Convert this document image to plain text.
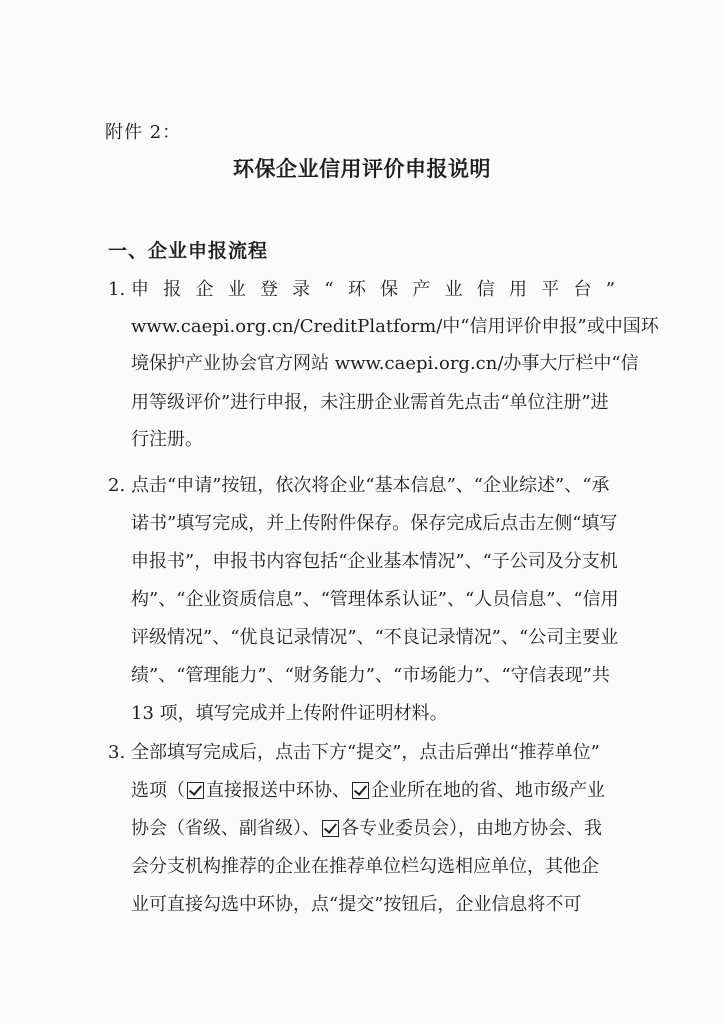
附件 2：
环保企业信用评价申报说明
一、企业申报流程
1. 申 报 企 业 登 录 “ 环 保 产 业 信 用 平 台 ”
www.caepi.org.cn/CreditPlatform/中“信用评价申报”或中国环
境保护产业协会官方网站 www.caepi.org.cn/办事大厅栏中“信
用等级评价”进行申报，未注册企业需首先点击“单位注册”进
行注册。
2. 点击“申请”按钮，依次将企业“基本信息”、“企业综述”、“承
诺书”填写完成，并上传附件保存。保存完成后点击左侧“填写
申报书”，申报书内容包括“企业基本情况”、“子公司及分支机
构”、“企业资质信息”、“管理体系认证”、“人员信息”、“信用
评级情况”、“优良记录情况”、“不良记录情况”、“公司主要业
绩”、“管理能力”、“财务能力”、“市场能力”、“守信表现”共
13 项，填写完成并上传附件证明材料。
3. 全部填写完成后，点击下方“提交”，点击后弹出“推荐单位”
选项（ 直接报送中环协、 企业所在地的省、地市级产业
协会（省级、副省级）、 各专业委员会），由地方协会、我
会分支机构推荐的企业在推荐单位栏勾选相应单位，其他企
业可直接勾选中环协，点“提交”按钮后，企业信息将不可
